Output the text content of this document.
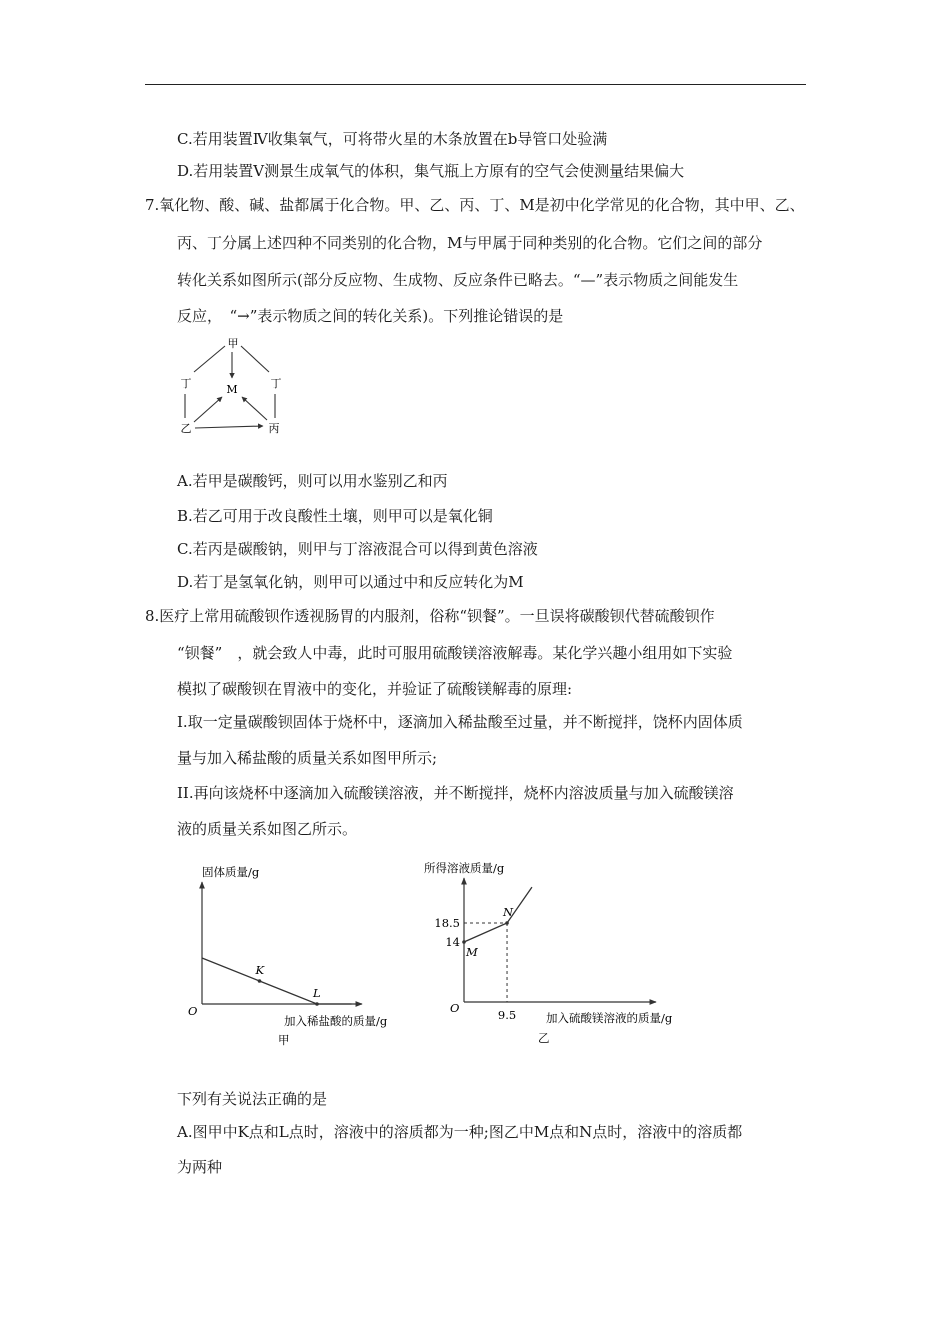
C.若用装置Ⅳ收集氧气，可将带火星的木条放置在b导管口处验满
D.若用装置Ⅴ测景生成氧气的体积，集气瓶上方原有的空气会使测量结果偏大
7.氧化物、酸、碱、盐都属于化合物。甲、乙、丙、丁、M是初中化学常见的化合物，其中甲、乙、
丙、丁分属上述四种不同类别的化合物，M与甲属于同种类别的化合物。它们之间的部分
转化关系如图所示(部分反应物、生成物、反应条件已略去。“—”表示物质之间能发生
反应，　“→”表示物质之间的转化关系)。下列推论错误的是
甲
丁	丁
M
乙	丙
A.若甲是碳酸钙，则可以用水鉴别乙和丙
B.若乙可用于改良酸性土壤，则甲可以是氧化铜
C.若丙是碳酸钠，则甲与丁溶液混合可以得到黄色溶液
D.若丁是氢氧化钠，则甲可以通过中和反应转化为M
8.医疗上常用硫酸钡作透视肠胃的内服剂，俗称“钡餐”。一旦误将碳酸钡代替硫酸钡作
“钡餐”　，就会致人中毒，此时可服用硫酸镁溶液解毒。某化学兴趣小组用如下实验
模拟了碳酸钡在胃液中的变化，并验证了硫酸镁解毒的原理:
I.取一定量碳酸钡固体于烧杯中，逐滴加入稀盐酸至过量，并不断搅拌，饶杯内固体质
量与加入稀盐酸的质量关系如图甲所示;
II.再向该烧杯中逐滴加入硫酸镁溶液，并不断搅拌，烧杯内溶波质量与加入硫酸镁溶
液的质量关系如图乙所示。
固体质量/g
O
加入稀盐酸的质量/g
甲
K
L
所得溶液质量/g
O
加入硫酸镁溶液的质量/g
乙
18.5
14
9.5
M
N
下列有关说法正确的是
A.图甲中K点和L点时，溶液中的溶质都为一种;图乙中M点和N点时，溶液中的溶质都
为两种
